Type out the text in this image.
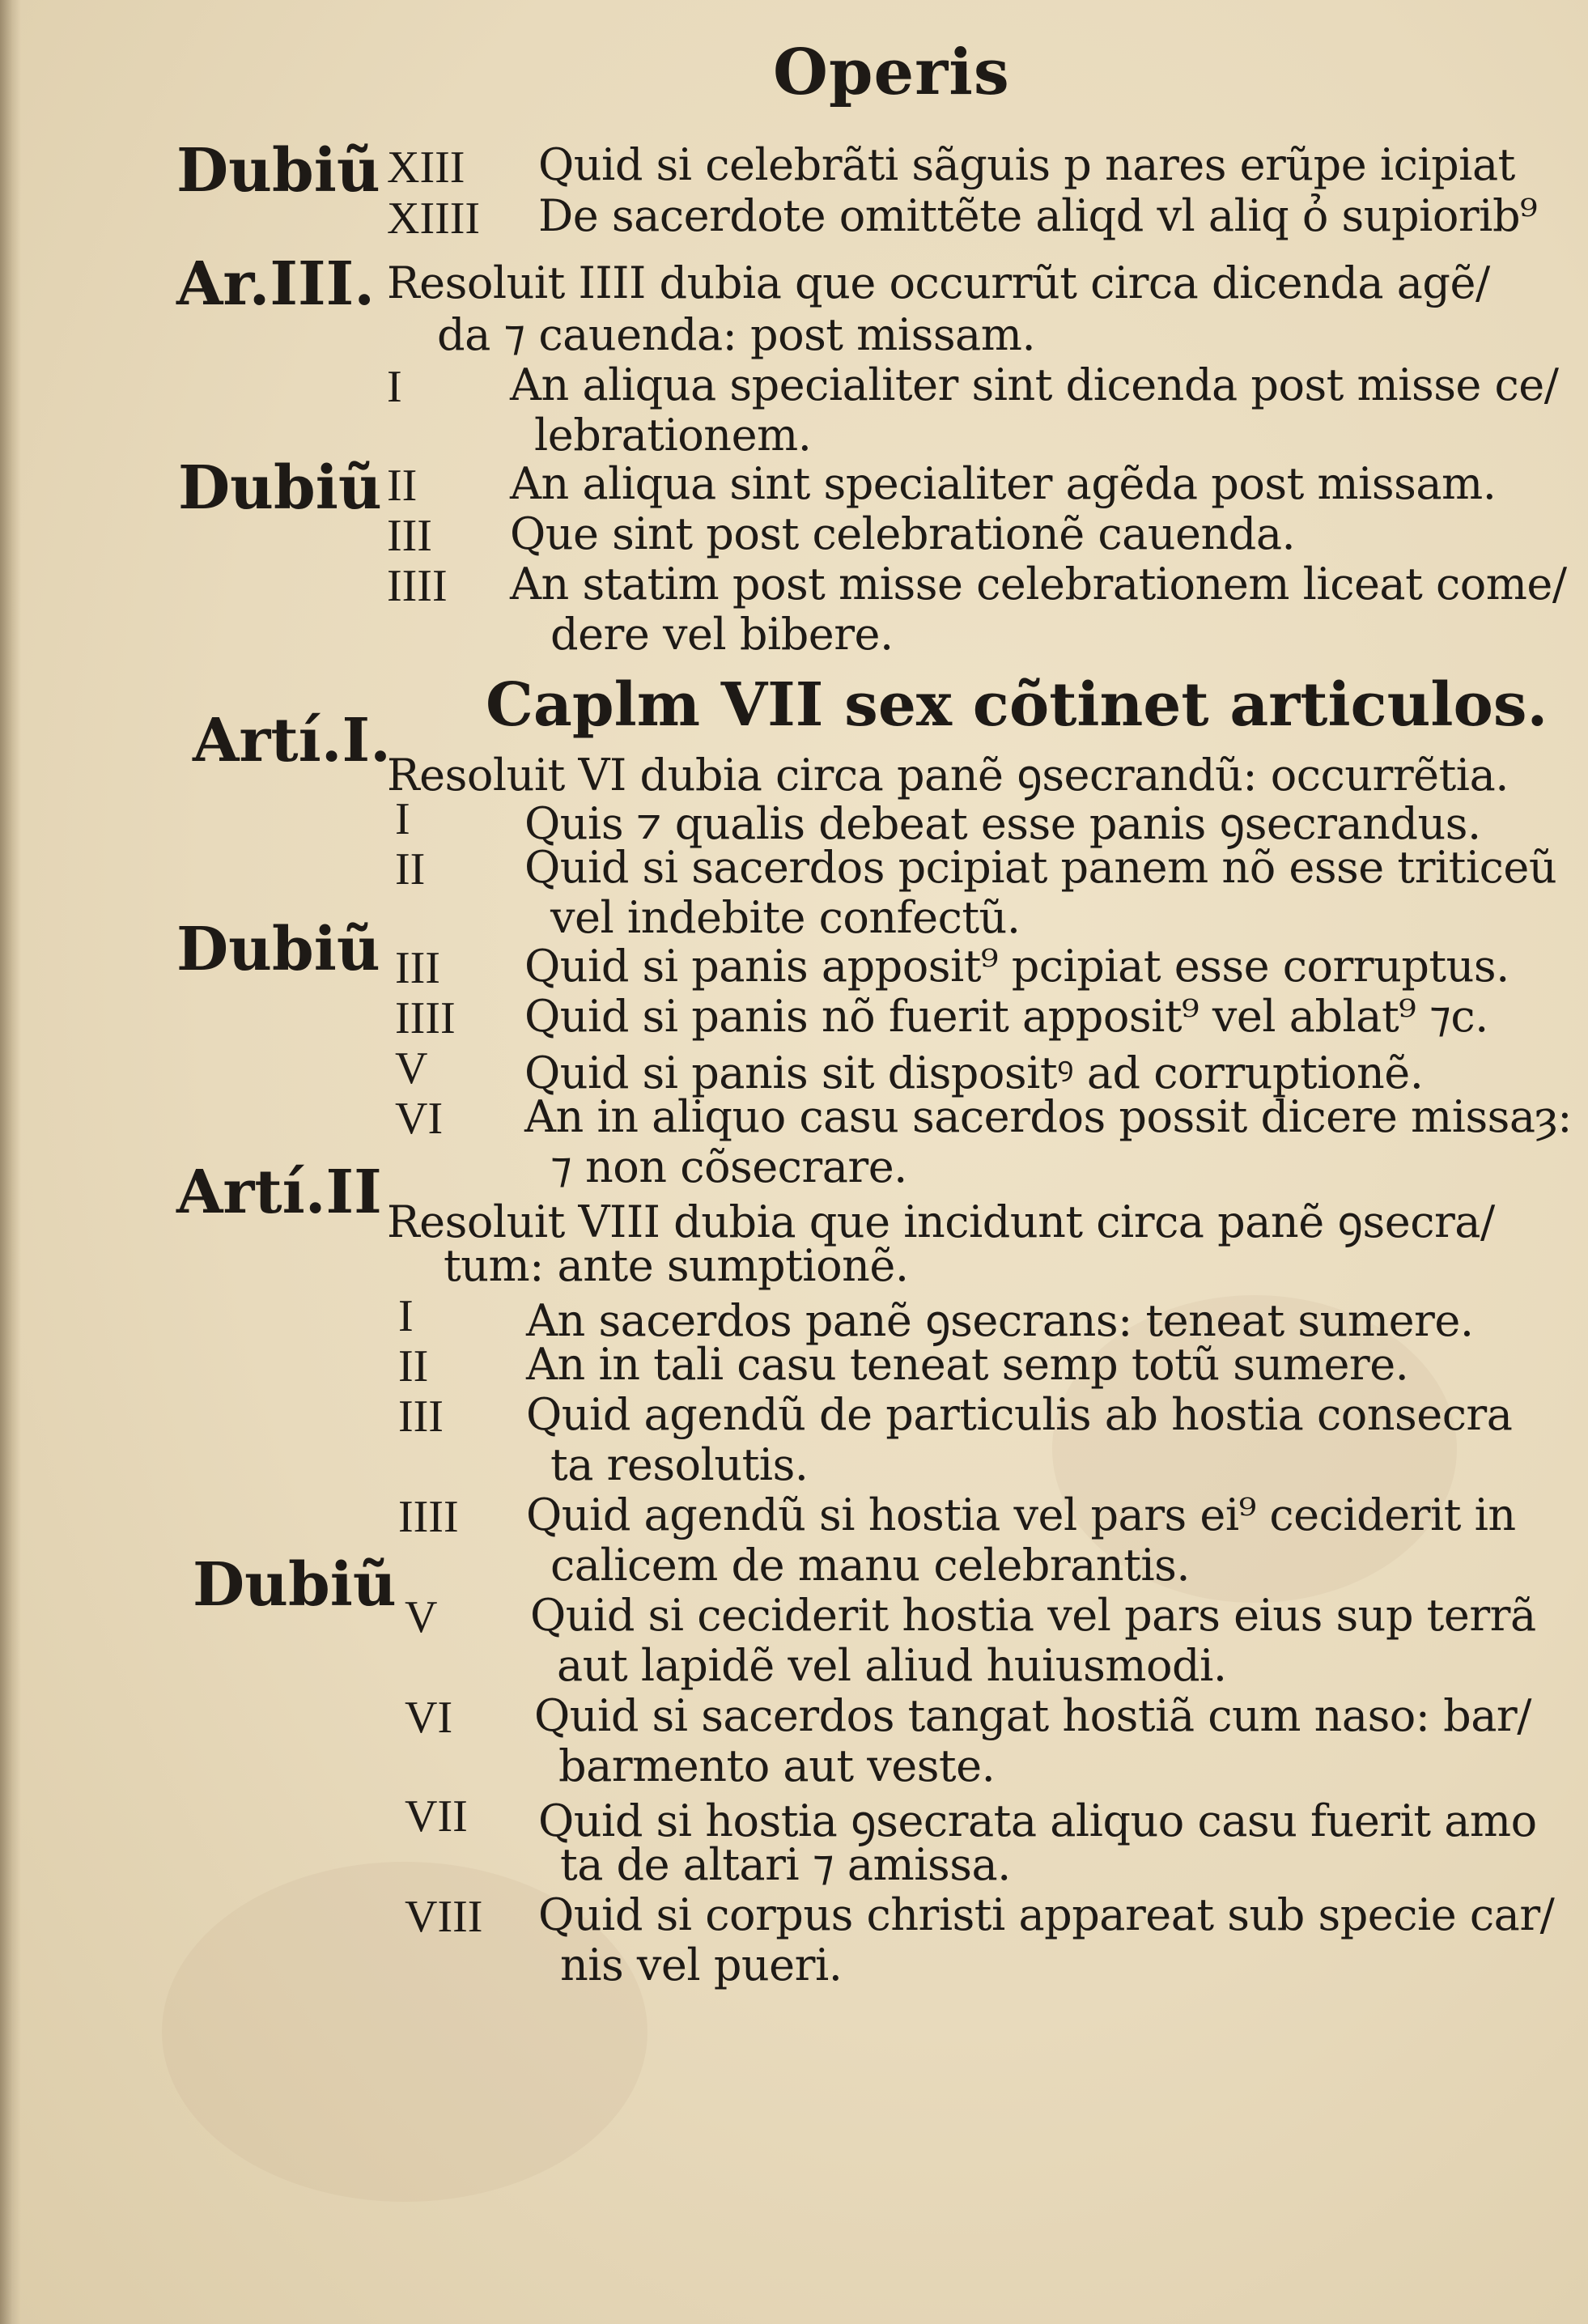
Operis
Dubiũ
Ar.III.
Dubiũ
Artí.I.
Dubiũ
Artí.II
Dubiũ
XIII Quid si celebrãti sãguis p nares erũpe icipiat
XIIII De sacerdote omittẽte aliqd vl aliq ỏ supiorib⁹
Resoluit IIII dubia que occurrũt circa dicenda agẽ/
da ⁊ cauenda: post missam.
I An aliqua specialiter sint dicenda post misse ce/
lebrationem.
II An aliqua sint specialiter agẽda post missam.
III Que sint post celebrationẽ cauenda.
IIII An statim post misse celebrationem liceat come/
dere vel bibere.
Caplm VII sex cõtinet articulos.
Resoluit VI dubia circa panẽ ꝯsecrandũ: occurrẽtia.
I	Quis ⁊ qualis debeat esse panis ꝯsecrandus.
II Quid si sacerdos pcipiat panem nõ esse triticeũ
vel indebite confectũ.
III Quid si panis apposit⁹ pcipiat esse corruptus.
IIII Quid si panis nõ fuerit apposit⁹ vel ablat⁹ ⁊c.
V Quid si panis sit dispositꝰ ad corruptionẽ.
VI An in aliquo casu sacerdos possit dicere missaȝ:
⁊ non cõsecrare.
Resoluit VIII dubia que incidunt circa panẽ ꝯsecra/
tum: ante sumptionẽ.
I	An sacerdos panẽ ꝯsecrans: teneat sumere.
II An in tali casu teneat semp totũ sumere.
III Quid agendũ de particulis ab hostia consecra
ta resolutis.
IIII Quid agendũ si hostia vel pars ei⁹ ceciderit in
calicem de manu celebrantis.
V Quid si ceciderit hostia vel pars eius sup terrã
aut lapidẽ vel aliud huiusmodi.
VI Quid si sacerdos tangat hostiã cum naso: bar/
barmento aut veste.
VII Quid si hostia ꝯsecrata aliquo casu fuerit amo
ta de altari ⁊ amissa.
VIII Quid si corpus christi appareat sub specie car/
nis vel pueri.
